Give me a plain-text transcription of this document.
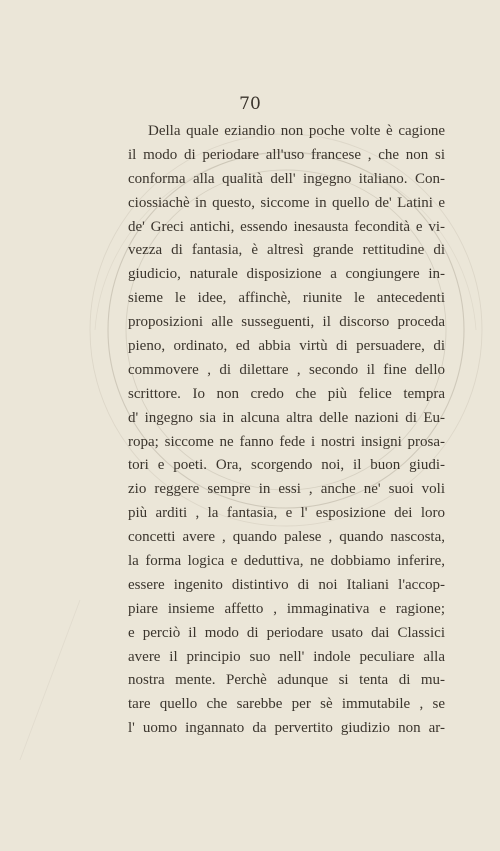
70
Della quale eziandio non poche volte è cagione
il modo di periodare all'uso francese , che non si
conforma alla qualità dell' ingegno italiano. Con-
ciossiachè in questo, siccome in quello de' Latini e
de' Greci antichi, essendo inesausta fecondità e vi-
vezza di fantasia, è altresì grande rettitudine di
giudicio, naturale disposizione a congiungere in-
sieme le idee, affinchè, riunite le antecedenti
proposizioni alle susseguenti, il discorso proceda
pieno, ordinato, ed abbia virtù di persuadere, di
commovere , di dilettare , secondo il fine dello
scrittore. Io non credo che più felice tempra
d' ingegno sia in alcuna altra delle nazioni di Eu-
ropa; siccome ne fanno fede i nostri insigni prosa-
tori e poeti. Ora, scorgendo noi, il buon giudi-
zio reggere sempre in essi , anche ne' suoi voli
più arditi , la fantasia, e l' esposizione dei loro
concetti avere , quando palese , quando nascosta,
la forma logica e deduttiva, ne dobbiamo inferire,
essere ingenito distintivo di noi Italiani l'accop-
piare insieme affetto , immaginativa e ragione;
e perciò il modo di periodare usato dai Classici
avere il principio suo nell' indole peculiare alla
nostra mente. Perchè adunque si tenta di mu-
tare quello che sarebbe per sè immutabile , se
l' uomo ingannato da pervertito giudizio non ar-
